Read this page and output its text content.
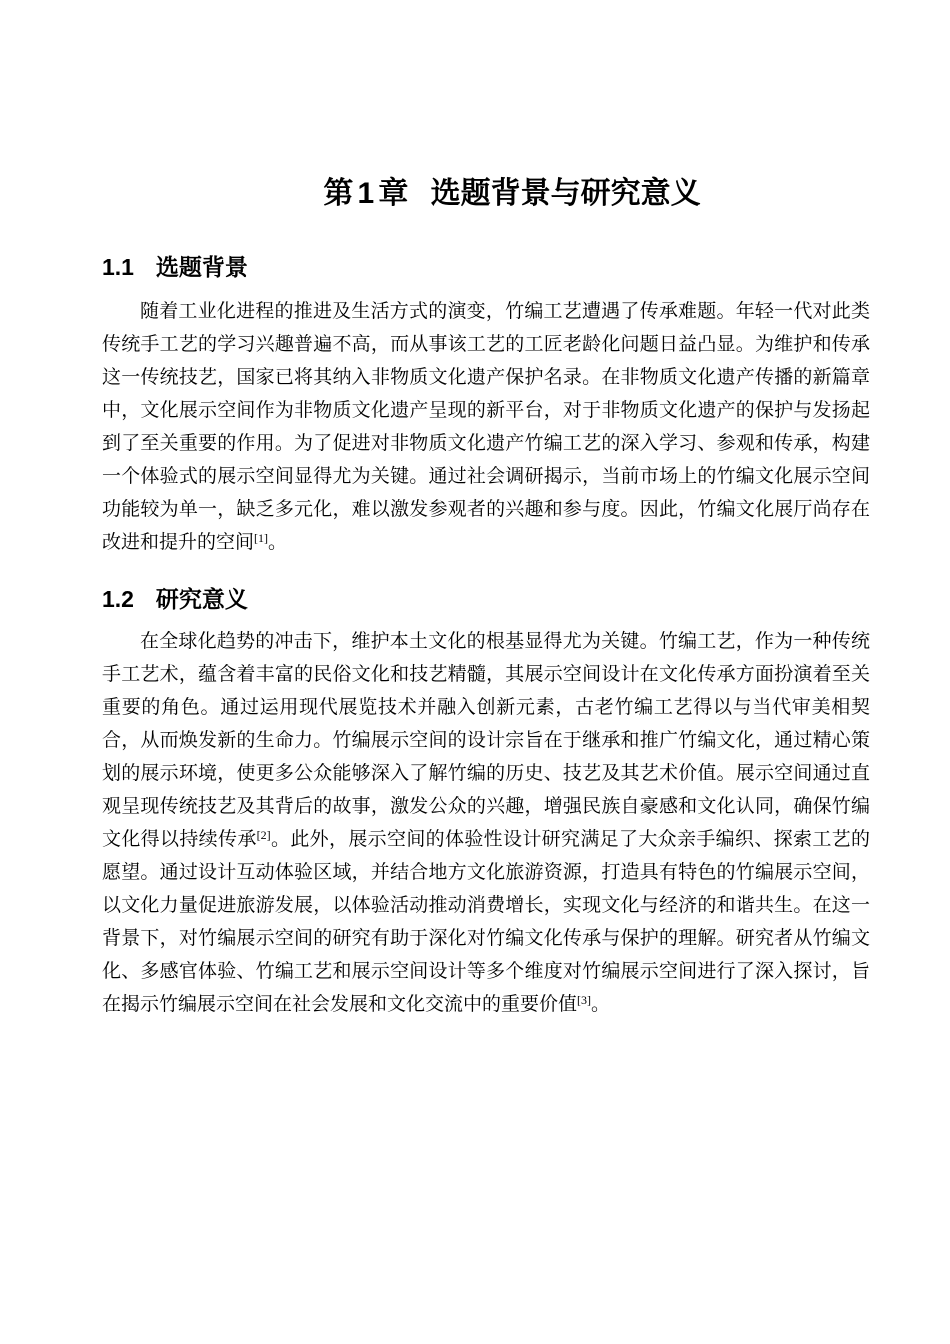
第1章 选题背景与研究意义
1.1 选题背景

随着工业化进程的推进及生活方式的演变，竹编工艺遭遇了传承难题。年轻一代对此类传统手工艺的学习兴趣普遍不高，而从事该工艺的工匠老龄化问题日益凸显。为维护和传承这一传统技艺，国家已将其纳入非物质文化遗产保护名录。在非物质文化遗产传播的新篇章中，文化展示空间作为非物质文化遗产呈现的新平台，对于非物质文化遗产的保护与发扬起到了至关重要的作用。为了促进对非物质文化遗产竹编工艺的深入学习、参观和传承，构建一个体验式的展示空间显得尤为关键。通过社会调研揭示，当前市场上的竹编文化展示空间功能较为单一，缺乏多元化，难以激发参观者的兴趣和参与度。因此，竹编文化展厅尚存在改进和提升的空间[1]。

1.2 研究意义

在全球化趋势的冲击下，维护本土文化的根基显得尤为关键。竹编工艺，作为一种传统手工艺术，蕴含着丰富的民俗文化和技艺精髓，其展示空间设计在文化传承方面扮演着至关重要的角色。通过运用现代展览技术并融入创新元素，古老竹编工艺得以与当代审美相契合，从而焕发新的生命力。竹编展示空间的设计宗旨在于继承和推广竹编文化，通过精心策划的展示环境，使更多公众能够深入了解竹编的历史、技艺及其艺术价值。展示空间通过直观呈现传统技艺及其背后的故事，激发公众的兴趣，增强民族自豪感和文化认同，确保竹编文化得以持续传承[2]。此外，展示空间的体验性设计研究满足了大众亲手编织、探索工艺的愿望。通过设计互动体验区域，并结合地方文化旅游资源，打造具有特色的竹编展示空间，以文化力量促进旅游发展，以体验活动推动消费增长，实现文化与经济的和谐共生。在这一背景下，对竹编展示空间的研究有助于深化对竹编文化传承与保护的理解。研究者从竹编文化、多感官体验、竹编工艺和展示空间设计等多个维度对竹编展示空间进行了深入探讨，旨在揭示竹编展示空间在社会发展和文化交流中的重要价值[3]。
